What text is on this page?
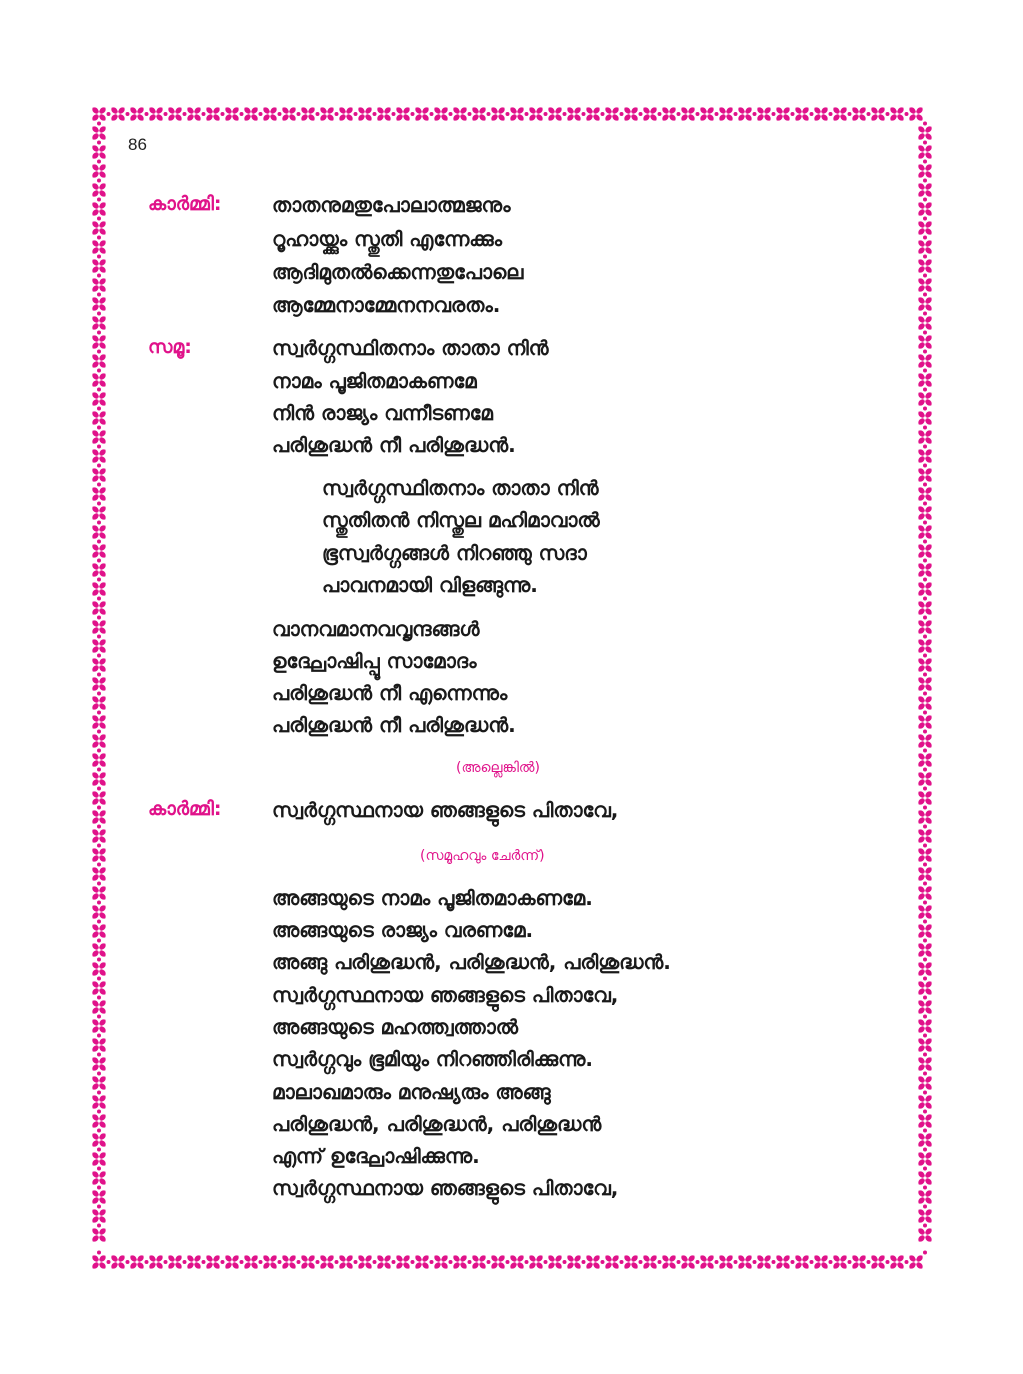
86
കാർമ്മി:	താതനുമതുപോലാത്മജനും
റൂഹായ്ക്കും സ്തുതി എന്നേക്കും
ആദിമുതൽക്കെന്നതുപോലെ
ആമ്മേനാമ്മേനനവരതം.
സമൂ:	സ്വർഗ്ഗസ്ഥിതനാം താതാ നിൻ
നാമം പൂജിതമാകണമേ
നിൻ രാജ്യം വന്നീടണമേ
പരിശുദ്ധൻ നീ പരിശുദ്ധൻ.
സ്വർഗ്ഗസ്ഥിതനാം താതാ നിൻ
സ്തുതിതൻ നിസ്തുല മഹിമാവാൽ
ഭൂസ്വർഗ്ഗങ്ങൾ നിറഞ്ഞു സദാ
പാവനമായി വിളങ്ങുന്നു.
വാനവമാനവവൃന്ദങ്ങൾ
ഉദ്ഘോഷിപ്പൂ സാമോദം
പരിശുദ്ധൻ നീ എന്നെന്നും
പരിശുദ്ധൻ നീ പരിശുദ്ധൻ.
(അല്ലെങ്കിൽ)
കാർമ്മി:	സ്വർഗ്ഗസ്ഥനായ ഞങ്ങളുടെ പിതാവേ,
(സമൂഹവും ചേർന്ന്)
അങ്ങയുടെ നാമം പൂജിതമാകണമേ.
അങ്ങയുടെ രാജ്യം വരണമേ.
അങ്ങു പരിശുദ്ധൻ, പരിശുദ്ധൻ, പരിശുദ്ധൻ.
സ്വർഗ്ഗസ്ഥനായ ഞങ്ങളുടെ പിതാവേ,
അങ്ങയുടെ മഹത്ത്വത്താൽ
സ്വർഗ്ഗവും ഭൂമിയും നിറഞ്ഞിരിക്കുന്നു.
മാലാഖമാരും മനുഷ്യരും അങ്ങു
പരിശുദ്ധൻ, പരിശുദ്ധൻ, പരിശുദ്ധൻ
എന്ന് ഉദ്ഘോഷിക്കുന്നു.
സ്വർഗ്ഗസ്ഥനായ ഞങ്ങളുടെ പിതാവേ,
